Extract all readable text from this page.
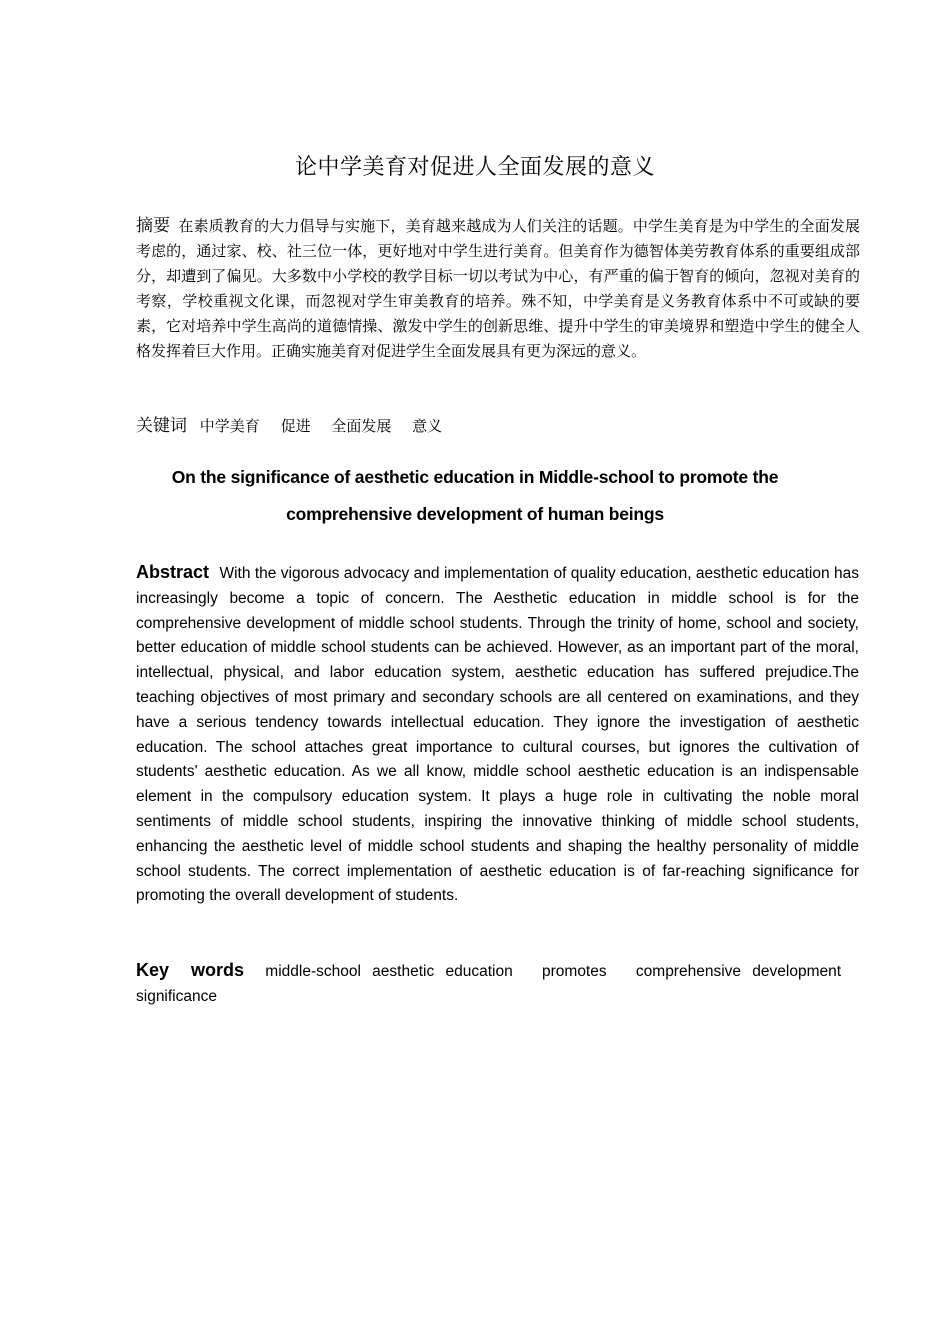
论中学美育对促进人全面发展的意义
摘要 在素质教育的大力倡导与实施下，美育越来越成为人们关注的话题。中学生美育是为中学生的全面发展考虑的，通过家、校、社三位一体，更好地对中学生进行美育。但美育作为德智体美劳教育体系的重要组成部分，却遭到了偏见。大多数中小学校的教学目标一切以考试为中心，有严重的偏于智育的倾向，忽视对美育的考察，学校重视文化课，而忽视对学生审美教育的培养。殊不知，中学美育是义务教育体系中不可或缺的要素，它对培养中学生高尚的道德情操、激发中学生的创新思维、提升中学生的审美境界和塑造中学生的健全人格发挥着巨大作用。正确实施美育对促进学生全面发展具有更为深远的意义。
关键词 中学美育 促进 全面发展 意义
On the significance of aesthetic education in Middle-school to promote the
comprehensive development of human beings
Abstract With the vigorous advocacy and implementation of quality education, aesthetic education has increasingly become a topic of concern. The Aesthetic education in middle school is for the comprehensive development of middle school students. Through the trinity of home, school and society, better education of middle school students can be achieved. However, as an important part of the moral, intellectual, physical, and labor education system, aesthetic education has suffered prejudice.The teaching objectives of most primary and secondary schools are all centered on examinations, and they have a serious tendency towards intellectual education. They ignore the investigation of aesthetic education. The school attaches great importance to cultural courses, but ignores the cultivation of students' aesthetic education. As we all know, middle school aesthetic education is an indispensable element in the compulsory education system. It plays a huge role in cultivating the noble moral sentiments of middle school students, inspiring the innovative thinking of middle school students, enhancing the aesthetic level of middle school students and shaping the healthy personality of middle school students. The correct implementation of aesthetic education is of far-reaching significance for promoting the overall development of students.
Key words middle-school aesthetic education promotes comprehensive development significance
